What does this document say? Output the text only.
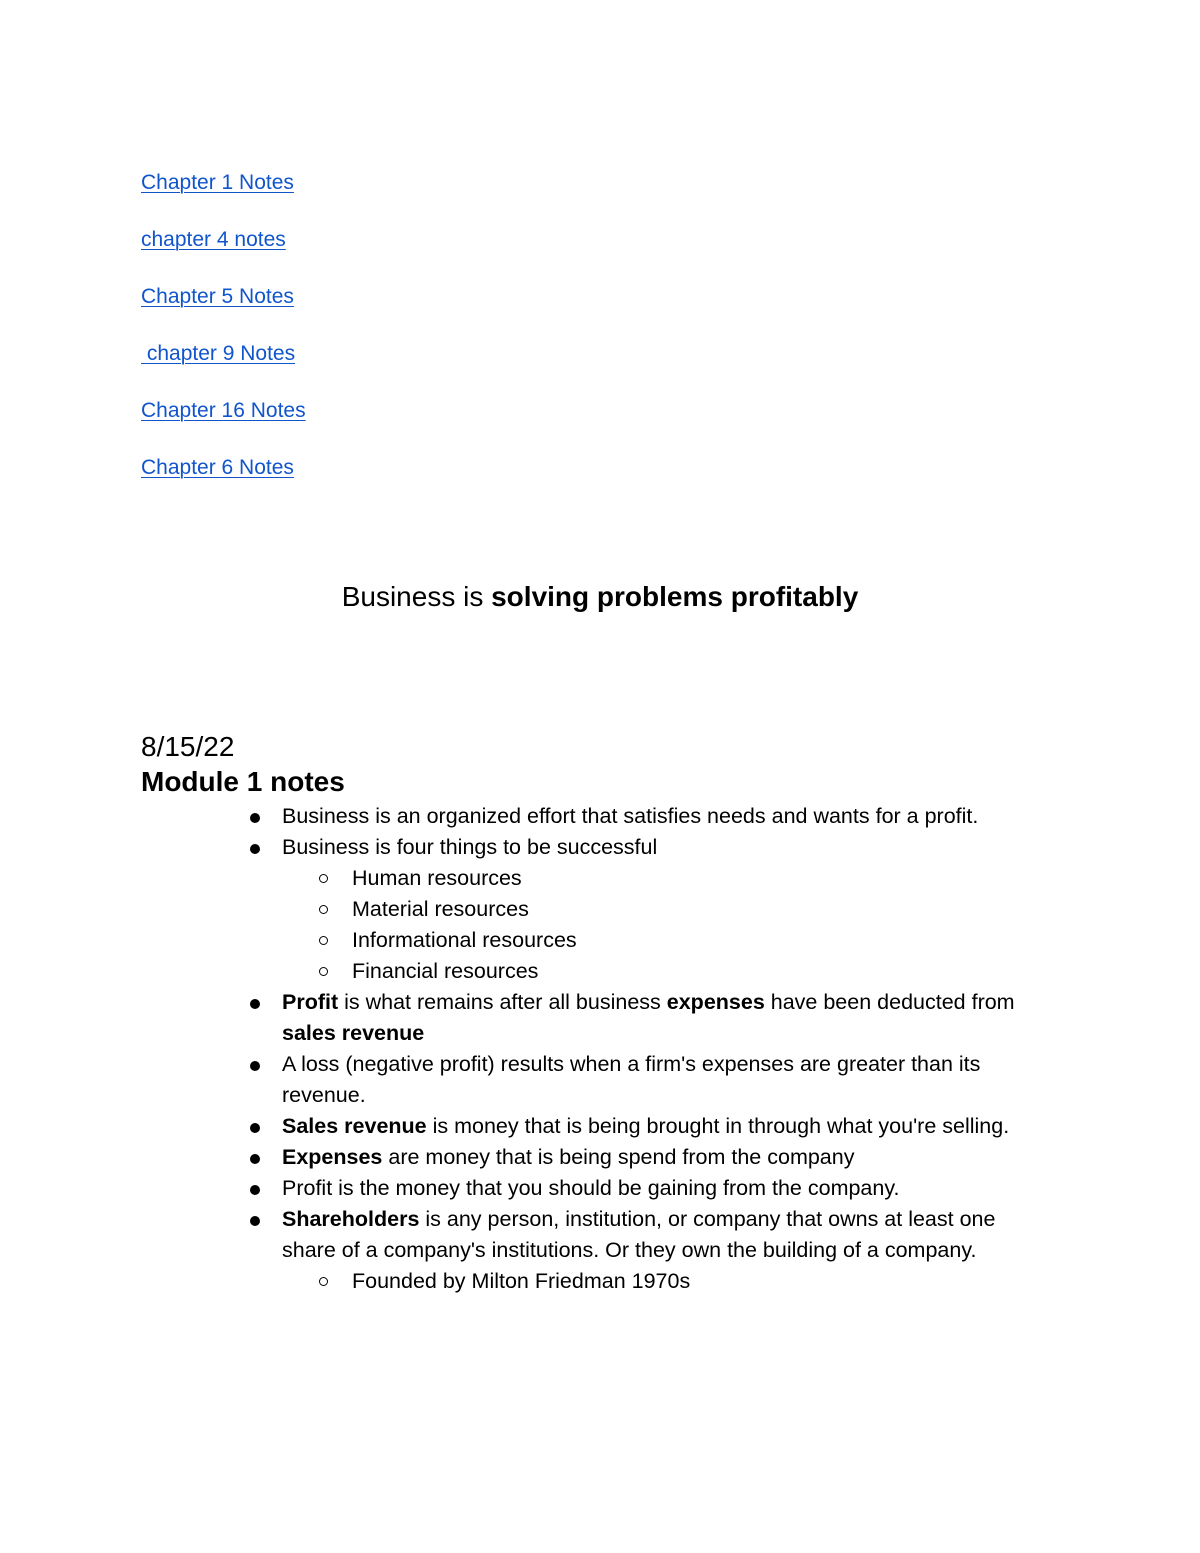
Chapter 1 Notes
chapter 4 notes
Chapter 5 Notes
chapter 9 Notes
Chapter 16 Notes
Chapter 6 Notes
Business is solving problems profitably
8/15/22
Module 1 notes
Business is an organized effort that satisfies needs and wants for a profit.
Business is four things to be successful
Human resources
Material resources
Informational resources
Financial resources
Profit is what remains after all business expenses have been deducted from sales revenue
A loss (negative profit) results when a firm's expenses are greater than its revenue.
Sales revenue is money that is being brought in through what you're selling.
Expenses are money that is being spend from the company
Profit is the money that you should be gaining from the company.
Shareholders is any person, institution, or company that owns at least one share of a company's institutions. Or they own the building of a company.
Founded by Milton Friedman 1970s
